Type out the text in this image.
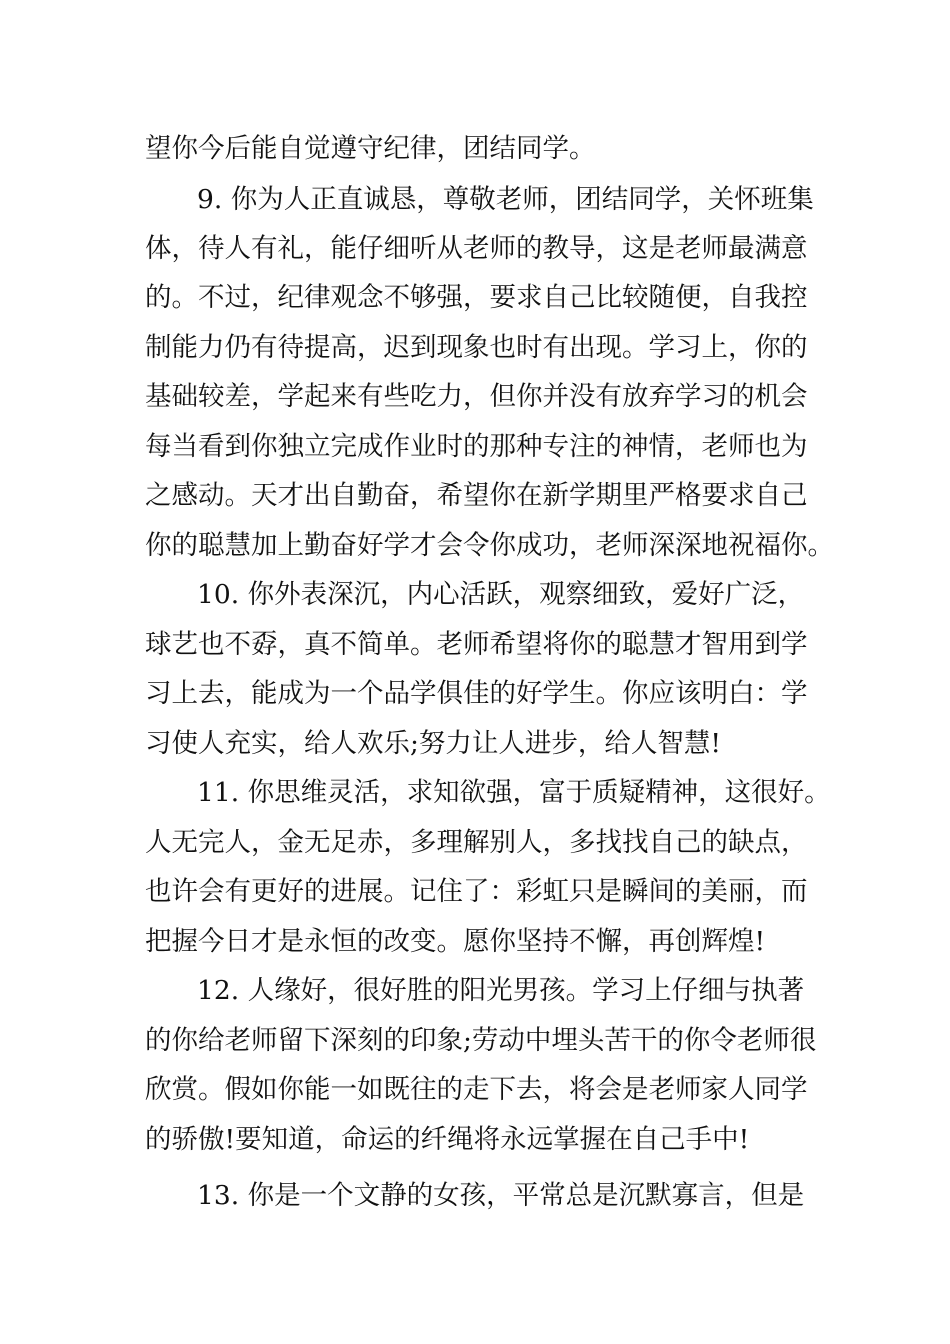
望你今后能自觉遵守纪律，团结同学。
9. 你为人正直诚恳，尊敬老师，团结同学，关怀班集
体，待人有礼，能仔细听从老师的教导，这是老师最满意
的。不过，纪律观念不够强，要求自己比较随便，自我控
制能力仍有待提高，迟到现象也时有出现。学习上，你的
基础较差，学起来有些吃力，但你并没有放弃学习的机会
每当看到你独立完成作业时的那种专注的神情，老师也为
之感动。天才出自勤奋，希望你在新学期里严格要求自己
你的聪慧加上勤奋好学才会令你成功，老师深深地祝福你。
10. 你外表深沉，内心活跃，观察细致，爱好广泛，
球艺也不孬，真不简单。老师希望将你的聪慧才智用到学
习上去，能成为一个品学俱佳的好学生。你应该明白：学
习使人充实，给人欢乐;努力让人进步，给人智慧!
11. 你思维灵活，求知欲强，富于质疑精神，这很好。
人无完人，金无足赤，多理解别人，多找找自己的缺点，
也许会有更好的进展。记住了：彩虹只是瞬间的美丽，而
把握今日才是永恒的改变。愿你坚持不懈，再创辉煌!
12. 人缘好，很好胜的阳光男孩。学习上仔细与执著
的你给老师留下深刻的印象;劳动中埋头苦干的你令老师很
欣赏。假如你能一如既往的走下去，将会是老师家人同学
的骄傲!要知道，命运的纤绳将永远掌握在自己手中!
13. 你是一个文静的女孩，平常总是沉默寡言，但是
